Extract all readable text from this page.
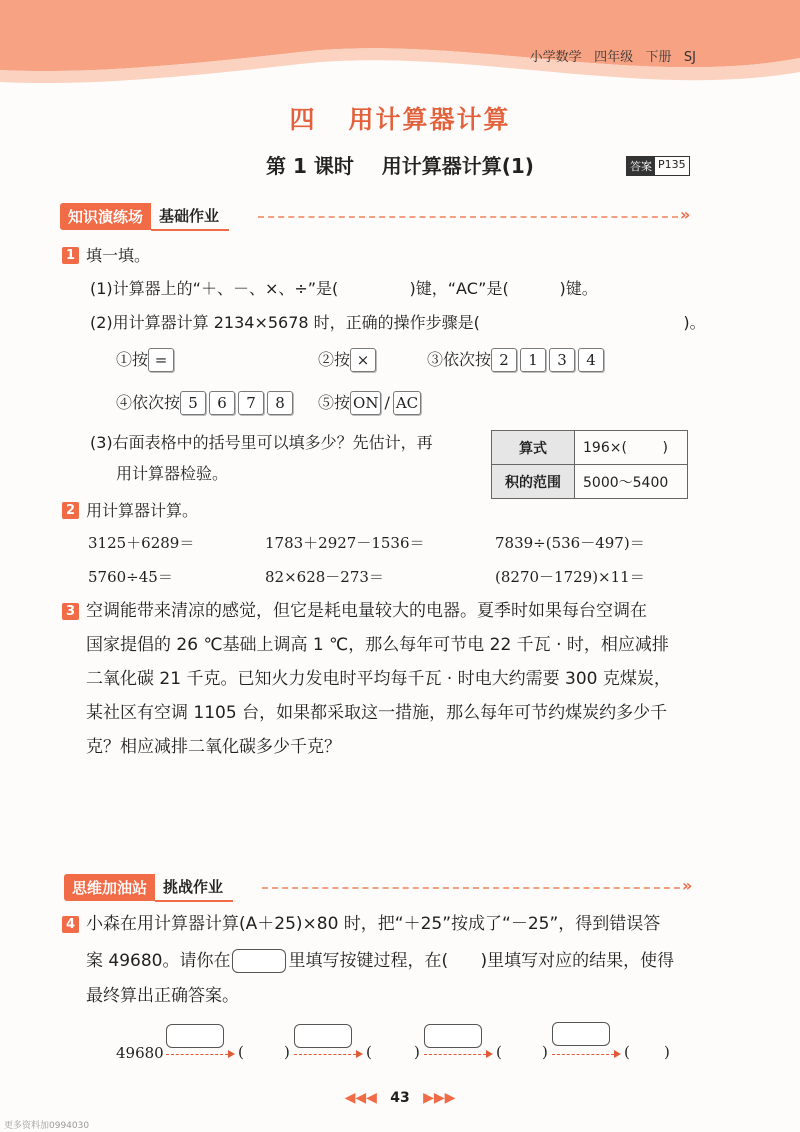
小学数学 四年级 下册 SJ
四   用计算器计算
第 1 课时    用计算器计算(1)	答案 P135
知识演练场	基础作业	»
1 填一填。
(1)计算器上的“＋、－、×、÷”是(              )键，“AC”是(          )键。
(2)用计算器计算 2134×5678 时，正确的操作步骤是(                                        )。
①按 =	②按 ×	③依次按 2	1	3	4
④依次按 5	6	7	8	⑤按 ON / AC
(3)右面表格中的括号里可以填多少？先估计，再
用计算器检验。
算式	196×(        )
积的范围	5000～5400
2 用计算器计算。
3125＋6289＝	1783＋2927－1536＝	7839÷(536－497)＝
5760÷45＝	82×628－273＝	(8270－1729)×11＝
3 空调能带来清凉的感觉，但它是耗电量较大的电器。夏季时如果每台空调在
国家提倡的 26 ℃基础上调高 1 ℃，那么每年可节电 22 千瓦 · 时，相应减排
二氧化碳 21 千克。已知火力发电时平均每千瓦 · 时电大约需要 300 克煤炭，
某社区有空调 1105 台，如果都采取这一措施，那么每年可节约煤炭约多少千
克？相应减排二氧化碳多少千克？
思维加油站	挑战作业	»
4 小森在用计算器计算(A＋25)×80 时，把“＋25”按成了“－25”，得到错误答
案 49680。请你在	里填写按键过程，在(      )里填写对应的结果，使得
最终算出正确答案。
49680	(	)	(	)	(	)	( )
◀◀◀ 43 ▶▶▶
更多资料加0994030
